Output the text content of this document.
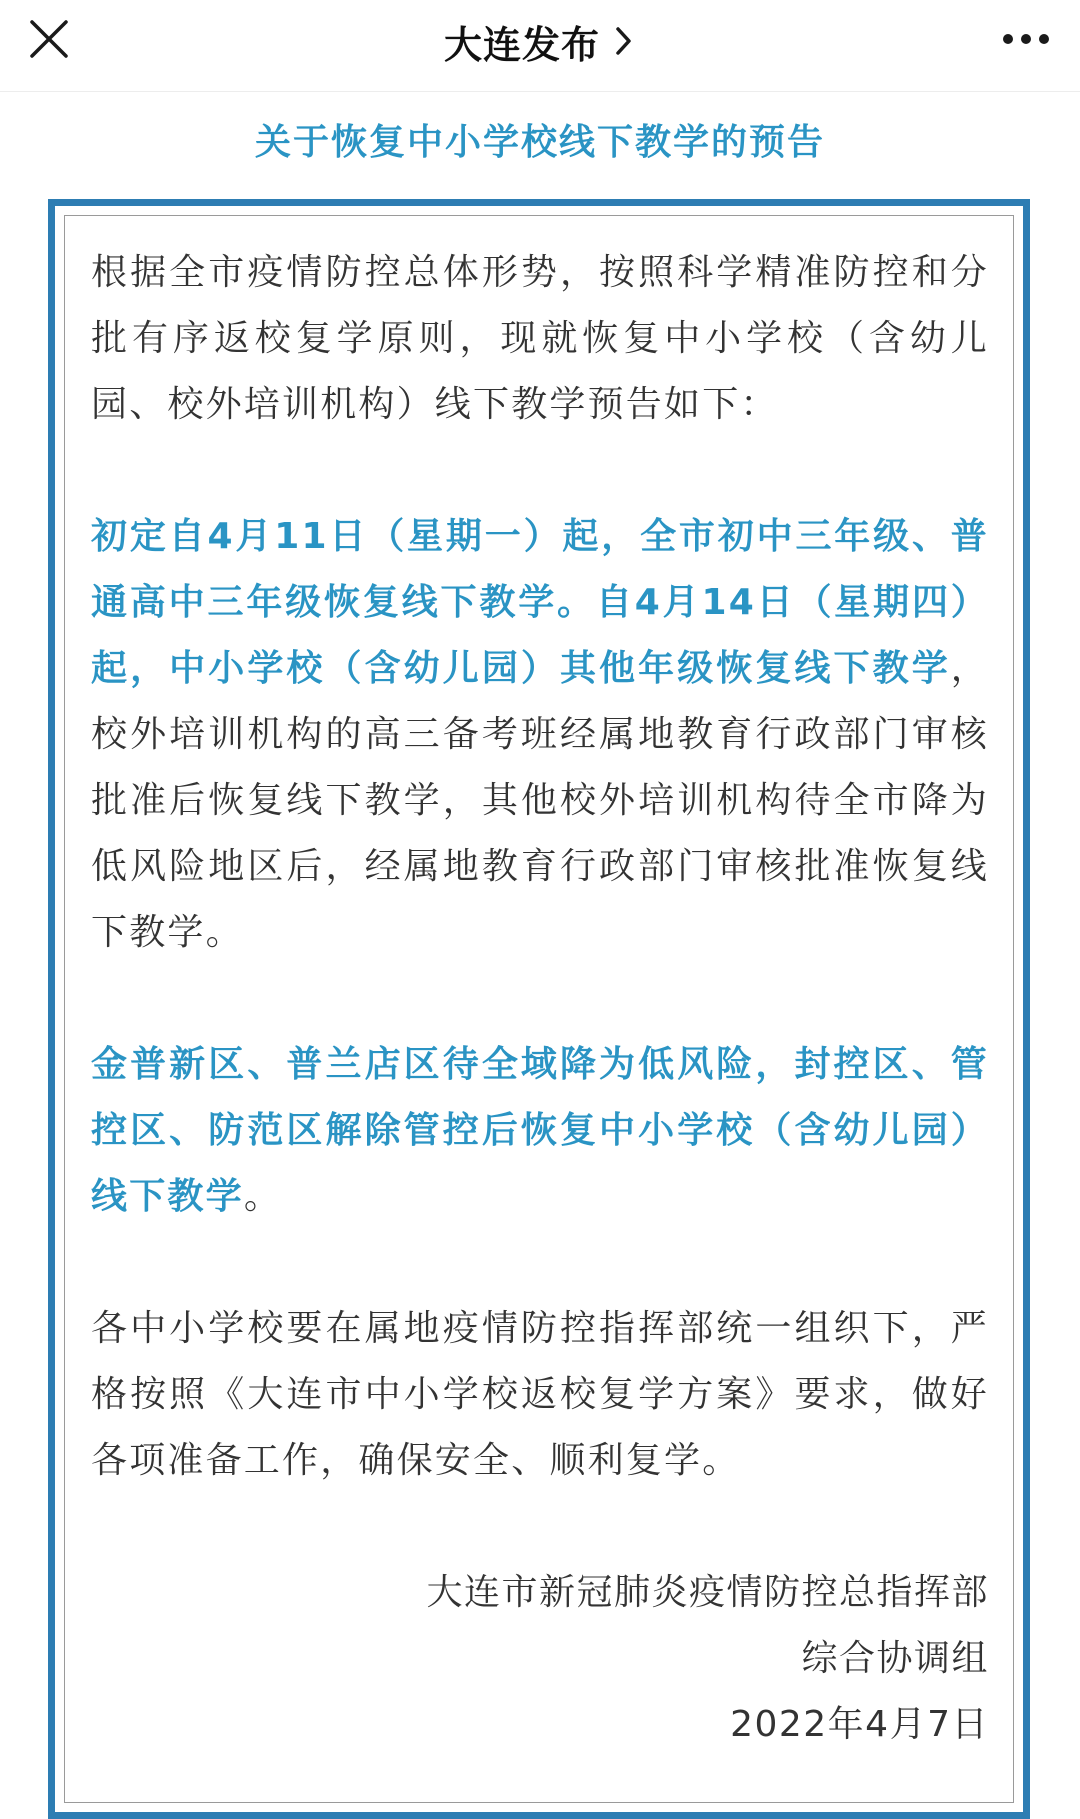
大连发布
关于恢复中小学校线下教学的预告

根据全市疫情防控总体形势，按照科学精准防控和分批有序返校复学原则，现就恢复中小学校（含幼儿园、校外培训机构）线下教学预告如下：

初定自4月11日（星期一）起，全市初中三年级、普通高中三年级恢复线下教学。自4月14日（星期四）起，中小学校（含幼儿园）其他年级恢复线下教学，校外培训机构的高三备考班经属地教育行政部门审核批准后恢复线下教学，其他校外培训机构待全市降为低风险地区后，经属地教育行政部门审核批准恢复线下教学。

金普新区、普兰店区待全域降为低风险，封控区、管控区、防范区解除管控后恢复中小学校（含幼儿园）线下教学。

各中小学校要在属地疫情防控指挥部统一组织下，严格按照《大连市中小学校返校复学方案》要求，做好各项准备工作，确保安全、顺利复学。

大连市新冠肺炎疫情防控总指挥部

综合协调组

2022年4月7日
